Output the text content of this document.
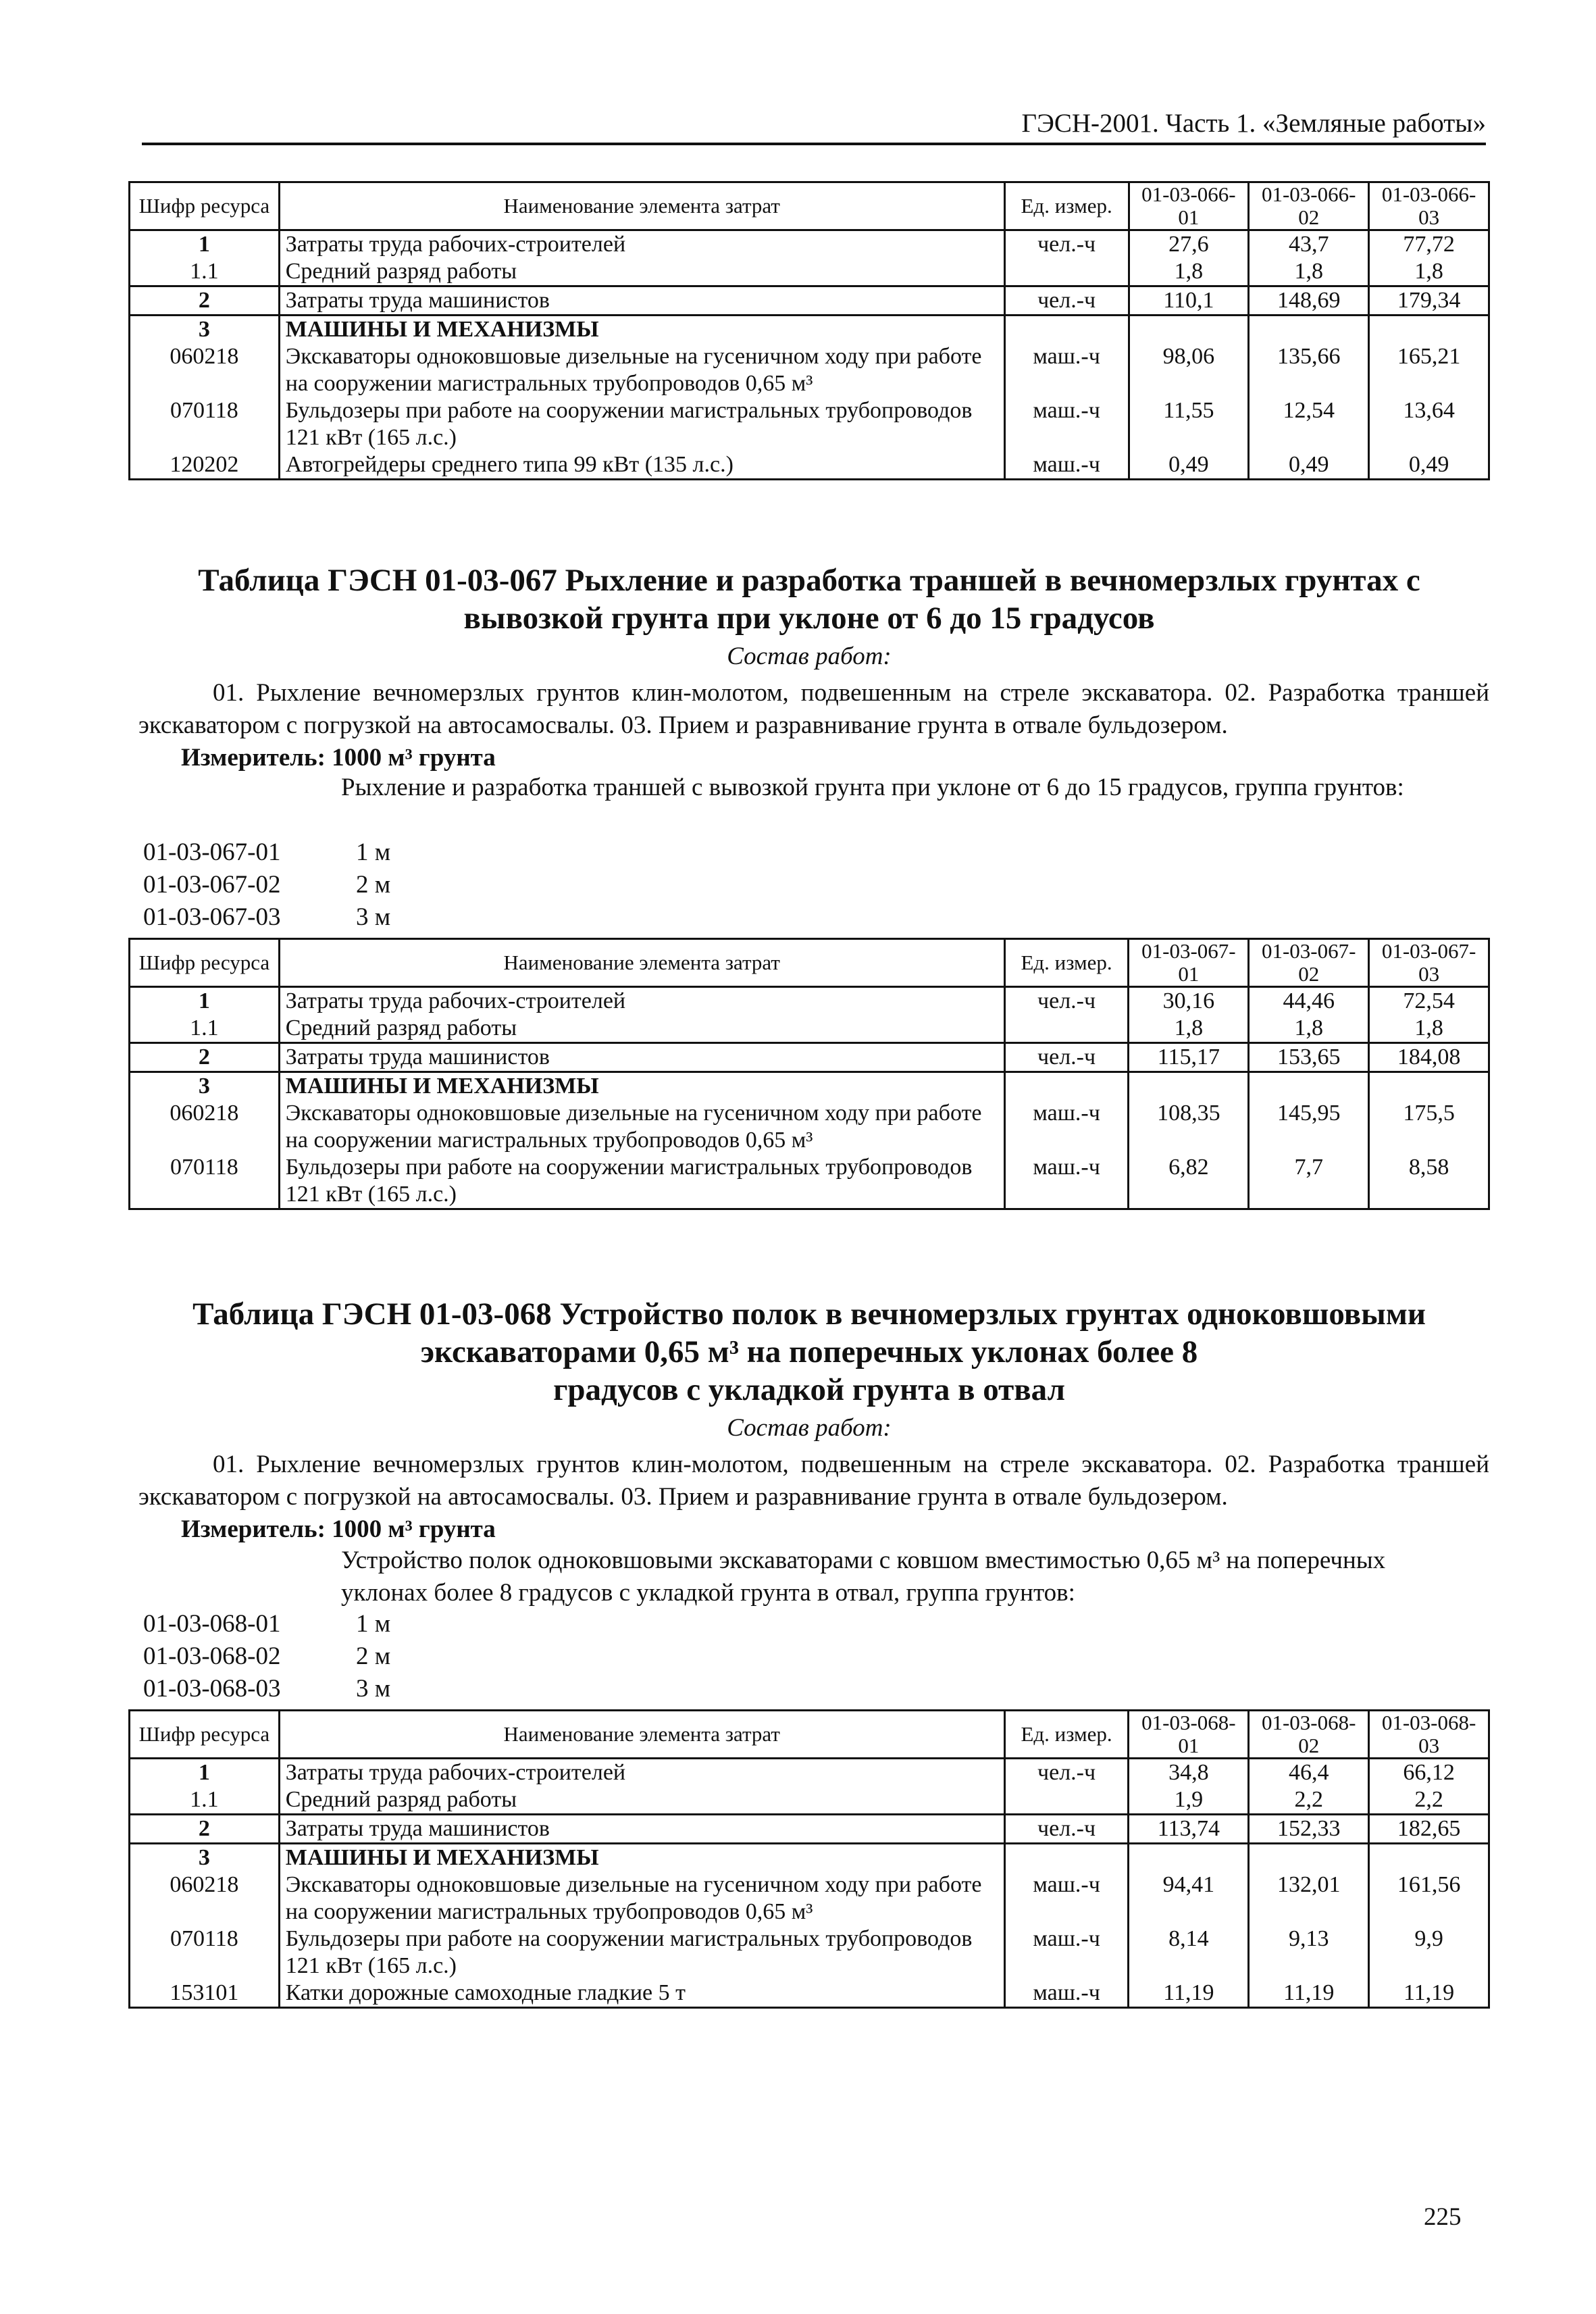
ГЭСН-2001. Часть 1. «Земляные работы»
Шифр ресурса	Наименование элемента затрат	Ед. измер.	01-03-066-01	01-03-066-02	01-03-066-03
1	Затраты труда рабочих-строителей	чел.-ч	27,6	43,7	77,72
1.1	Средний разряд работы		1,8	1,8	1,8
2	Затраты труда машинистов	чел.-ч	110,1	148,69	179,34
3	МАШИНЫ И МЕХАНИЗМЫ				
060218	Экскаваторы одноковшовые дизельные на гусеничном ходу при работе на сооружении магистральных трубопроводов 0,65 м³	маш.-ч	98,06	135,66	165,21
070118	Бульдозеры при работе на сооружении магистральных трубопроводов 121 кВт (165 л.с.)	маш.-ч	11,55	12,54	13,64
120202	Автогрейдеры среднего типа 99 кВт (135 л.с.)	маш.-ч	0,49	0,49	0,49
Таблица ГЭСН 01-03-067 Рыхление и разработка траншей в вечномерзлых грунтах с
вывозкой грунта при уклоне от 6 до 15 градусов
Состав работ:
01. Рыхление вечномерзлых грунтов клин-молотом, подвешенным на стреле экскаватора. 02. Разработка траншей экскаватором с погрузкой на автосамосвалы. 03. Прием и разравнивание грунта в отвале бульдозером.
Измеритель: 1000 м³ грунта
Рыхление и разработка траншей с вывозкой грунта при уклоне от 6 до 15 градусов, группа грунтов:
01-03-067-01	1 м
01-03-067-02	2 м
01-03-067-03	3 м
Шифр ресурса	Наименование элемента затрат	Ед. измер.	01-03-067-01	01-03-067-02	01-03-067-03
1	Затраты труда рабочих-строителей	чел.-ч	30,16	44,46	72,54
1.1	Средний разряд работы		1,8	1,8	1,8
2	Затраты труда машинистов	чел.-ч	115,17	153,65	184,08
3	МАШИНЫ И МЕХАНИЗМЫ				
060218	Экскаваторы одноковшовые дизельные на гусеничном ходу при работе на сооружении магистральных трубопроводов 0,65 м³	маш.-ч	108,35	145,95	175,5
070118	Бульдозеры при работе на сооружении магистральных трубопроводов 121 кВт (165 л.с.)	маш.-ч	6,82	7,7	8,58
Таблица ГЭСН 01-03-068 Устройство полок в вечномерзлых грунтах одноковшовыми
экскаваторами 0,65 м³ на поперечных уклонах более 8
градусов с укладкой грунта в отвал
Состав работ:
01. Рыхление вечномерзлых грунтов клин-молотом, подвешенным на стреле экскаватора. 02. Разработка траншей экскаватором с погрузкой на автосамосвалы. 03. Прием и разравнивание грунта в отвале бульдозером.
Измеритель: 1000 м³ грунта
Устройство полок одноковшовыми экскаваторами с ковшом вместимостью 0,65 м³ на поперечных уклонах более 8 градусов с укладкой грунта в отвал, группа грунтов:
01-03-068-01	1 м
01-03-068-02	2 м
01-03-068-03	3 м
Шифр ресурса	Наименование элемента затрат	Ед. измер.	01-03-068-01	01-03-068-02	01-03-068-03
1	Затраты труда рабочих-строителей	чел.-ч	34,8	46,4	66,12
1.1	Средний разряд работы		1,9	2,2	2,2
2	Затраты труда машинистов	чел.-ч	113,74	152,33	182,65
3	МАШИНЫ И МЕХАНИЗМЫ				
060218	Экскаваторы одноковшовые дизельные на гусеничном ходу при работе на сооружении магистральных трубопроводов 0,65 м³	маш.-ч	94,41	132,01	161,56
070118	Бульдозеры при работе на сооружении магистральных трубопроводов 121 кВт (165 л.с.)	маш.-ч	8,14	9,13	9,9
153101	Катки дорожные самоходные гладкие 5 т	маш.-ч	11,19	11,19	11,19
225
